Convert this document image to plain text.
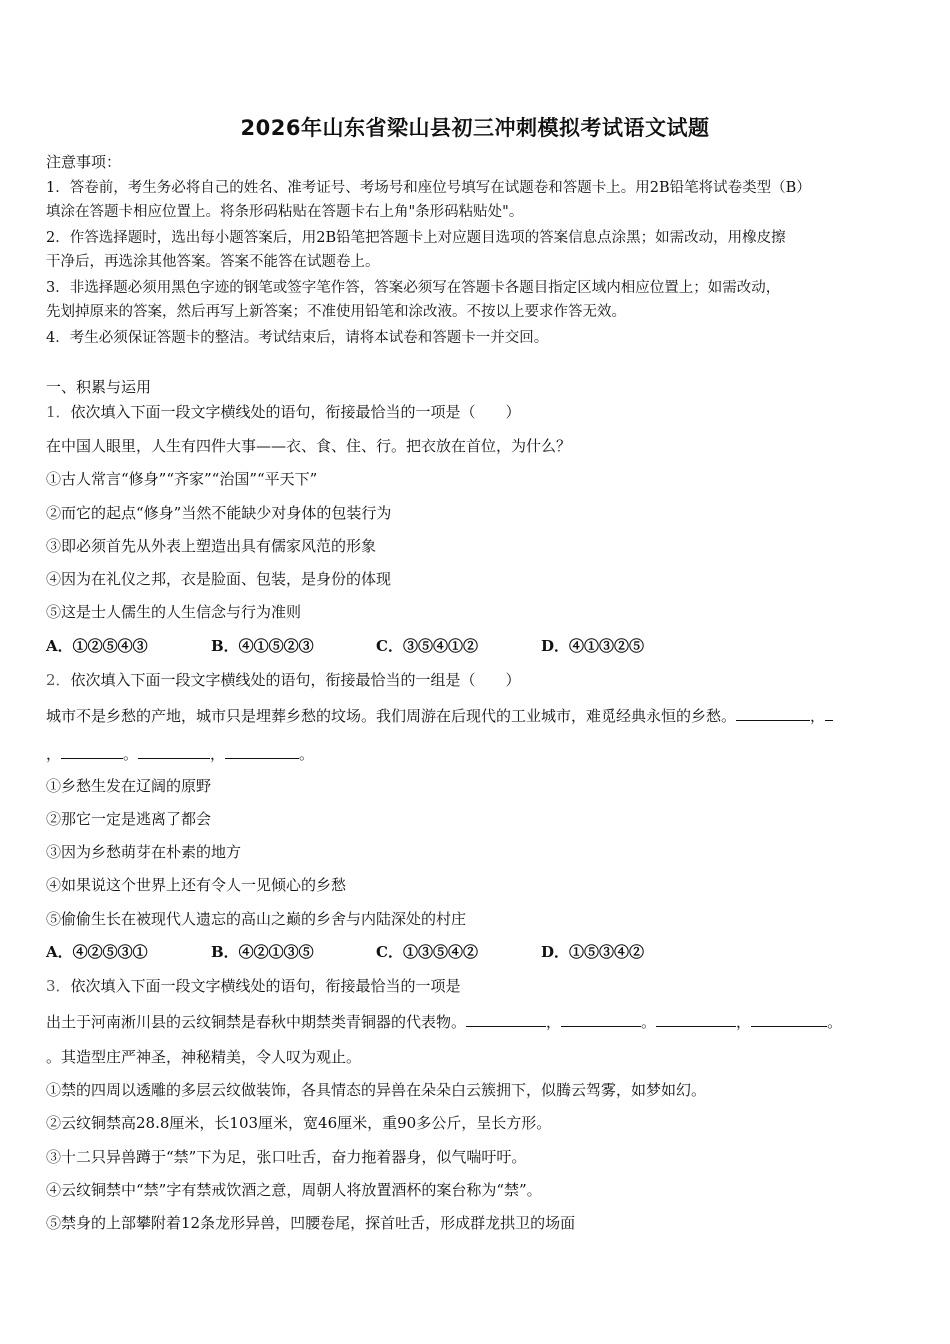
2026年山东省梁山县初三冲刺模拟考试语文试题
注意事项：
1．答卷前，考生务必将自己的姓名、准考证号、考场号和座位号填写在试题卷和答题卡上。用2B铅笔将试卷类型（B）
填涂在答题卡相应位置上。将条形码粘贴在答题卡右上角"条形码粘贴处"。
2．作答选择题时，选出每小题答案后，用2B铅笔把答题卡上对应题目选项的答案信息点涂黑；如需改动，用橡皮擦
干净后，再选涂其他答案。答案不能答在试题卷上。
3．非选择题必须用黑色字迹的钢笔或签字笔作答，答案必须写在答题卡各题目指定区域内相应位置上；如需改动，
先划掉原来的答案，然后再写上新答案；不准使用铅笔和涂改液。不按以上要求作答无效。
4．考生必须保证答题卡的整洁。考试结束后，请将本试卷和答题卡一并交回。
一、积累与运用
1．依次填入下面一段文字横线处的语句，衔接最恰当的一项是（　　）
在中国人眼里，人生有四件大事——衣、食、住、行。把衣放在首位，为什么？
①古人常言“修身”“齐家”“治国”“平天下”
②而它的起点“修身”当然不能缺少对身体的包装行为
③即必须首先从外表上塑造出具有儒家风范的形象
④因为在礼仪之邦，衣是脸面、包装，是身份的体现
⑤这是士人儒生的人生信念与行为准则
A．①②⑤④③	B．④①⑤②③	C．③⑤④①②	D．④①③②⑤
2．依次填入下面一段文字横线处的语句，衔接最恰当的一组是（　　）
城市不是乡愁的产地，城市只是埋葬乡愁的坟场。我们周游在后现代的工业城市，难觅经典永恒的乡愁。	，
，	。	，	。
①乡愁生发在辽阔的原野
②那它一定是逃离了都会
③因为乡愁萌芽在朴素的地方
④如果说这个世界上还有令人一见倾心的乡愁
⑤偷偷生长在被现代人遗忘的高山之巅的乡舍与内陆深处的村庄
A．④②⑤③①	B．④②①③⑤	C．①③⑤④②	D．①⑤③④②
3．依次填入下面一段文字横线处的语句，衔接最恰当的一项是
出土于河南淅川县的云纹铜禁是春秋中期禁类青铜器的代表物。	，	。	，	。
。其造型庄严神圣，神秘精美，令人叹为观止。
①禁的四周以透雕的多层云纹做装饰，各具情态的异兽在朵朵白云簇拥下，似腾云驾雾，如梦如幻。
②云纹铜禁高28.8厘米，长103厘米，宽46厘米，重90多公斤，呈长方形。
③十二只异兽蹲于“禁”下为足，张口吐舌，奋力拖着器身，似气喘吁吁。
④云纹铜禁中“禁”字有禁戒饮酒之意，周朝人将放置酒杯的案台称为“禁”。
⑤禁身的上部攀附着12条龙形异兽，凹腰卷尾，探首吐舌，形成群龙拱卫的场面
